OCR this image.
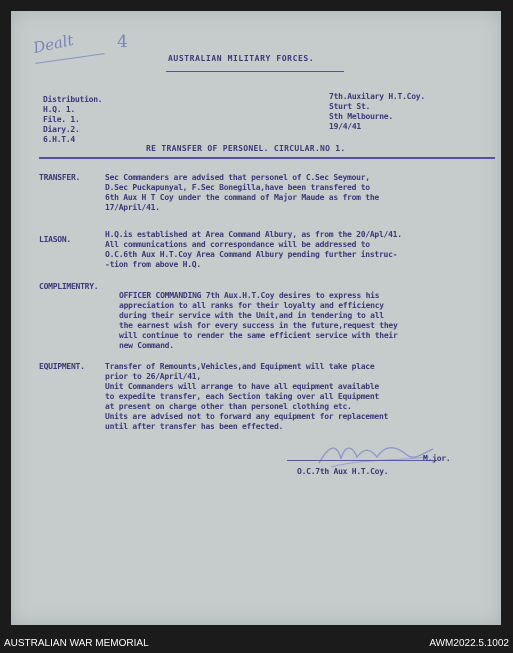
Dealt 4
AUSTRALIAN MILITARY FORCES.
Distribution.
H.Q. 1.
File. 1.
Diary.2.
6.H.T.4
7th.Auxilary H.T.Coy.
Sturt St.
Sth Melbourne.
19/4/41
RE TRANSFER OF PERSONEL. CIRCULAR.NO 1.
TRANSFER.	Sec Commanders are advised that personel of C.Sec Seymour,
D.Sec Puckapunyal, F.Sec Bonegilla,have been transfered to
6th Aux H T Coy under the command of Major Maude as from the
17/April/41.
LIASON.
H.Q.is established at Area Command Albury, as from the 20/Apl/41.
All communications and correspondance will be addressed to
O.C.6th Aux H.T.Coy Area Command Albury pending further instruc-
-tion from above H.Q.
COMPLIMENTRY.
OFFICER COMMANDING 7th Aux.H.T.Coy desires to express his
appreciation to all ranks for their loyalty and efficiency
during their service with the Unit,and in tendering to all
the earnest wish for every success in the future,request they
will continue to render the same efficient service with their
new Command.
EQUIPMENT.	Transfer of Remounts,Vehicles,and Equipment will take place
prior to 26/April/41,
Unit Commanders will arrange to have all equipment available
to expedite transfer, each Section taking over all Equipment
at present on charge other than personel clothing etc.
Units are advised not to forward any equipment for replacement
until after transfer has been effected.
M.jor.
O.C.7th Aux H.T.Coy.
AUSTRALIAN WAR MEMORIAL	AWM2022.5.1002
